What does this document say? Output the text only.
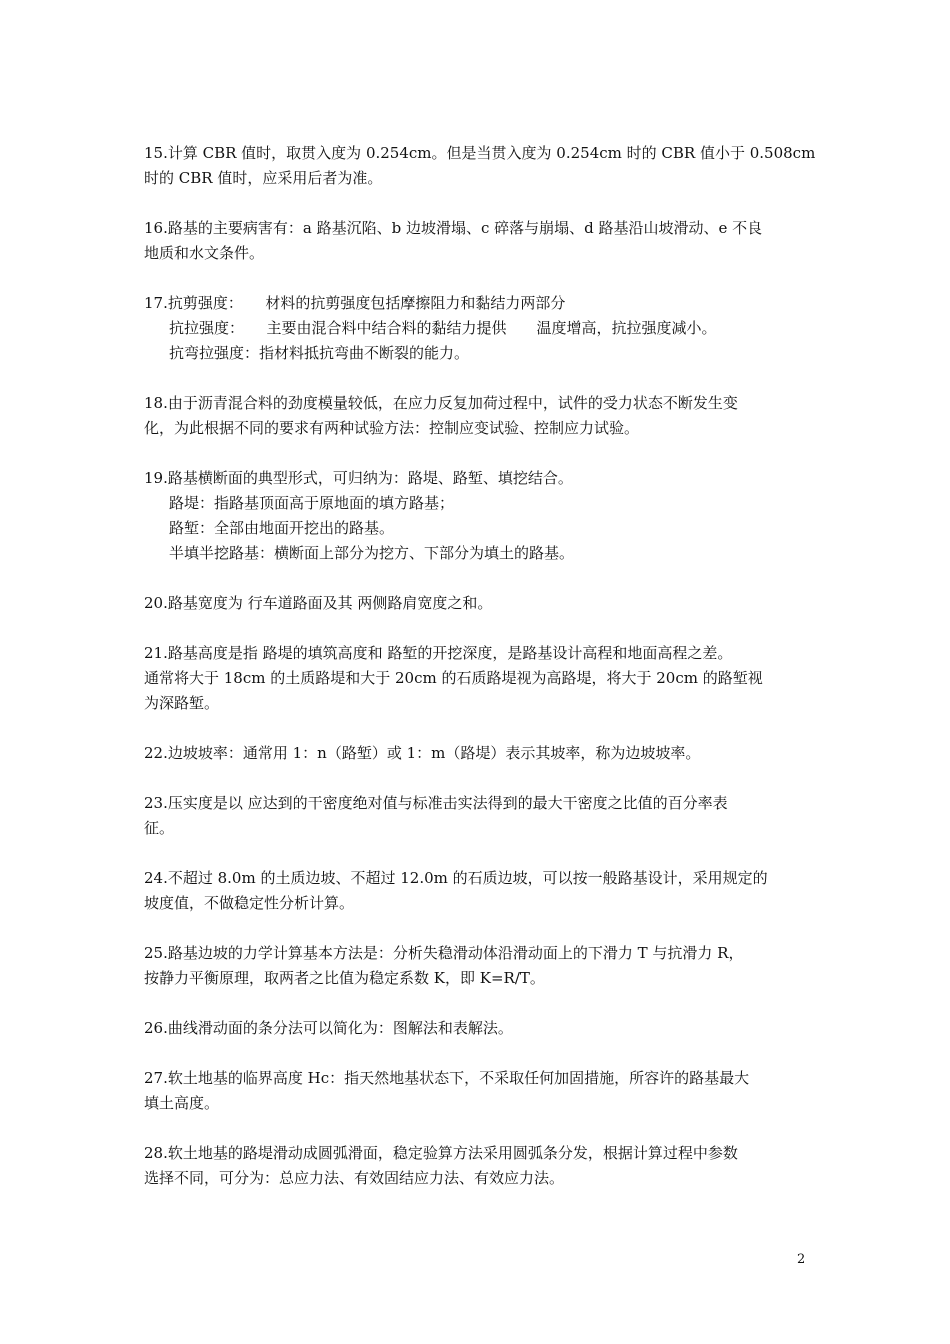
15.计算 CBR 值时，取贯入度为 0.254cm。但是当贯入度为 0.254cm 时的 CBR 值小于 0.508cm
时的 CBR 值时，应采用后者为准。
16.路基的主要病害有：a 路基沉陷、b 边坡滑塌、c 碎落与崩塌、d 路基沿山坡滑动、e 不良
地质和水文条件。
17.抗剪强度：　　材料的抗剪强度包括摩擦阻力和黏结力两部分
抗拉强度：　　主要由混合料中结合料的黏结力提供　　温度增高，抗拉强度减小。
抗弯拉强度：指材料抵抗弯曲不断裂的能力。
18.由于沥青混合料的劲度模量较低，在应力反复加荷过程中，试件的受力状态不断发生变
化，为此根据不同的要求有两种试验方法：控制应变试验、控制应力试验。
19.路基横断面的典型形式，可归纳为：路堤、路堑、填挖结合。
路堤：指路基顶面高于原地面的填方路基；
路堑：全部由地面开挖出的路基。
半填半挖路基：横断面上部分为挖方、下部分为填土的路基。
20.路基宽度为 行车道路面及其 两侧路肩宽度之和。
21.路基高度是指 路堤的填筑高度和 路堑的开挖深度，是路基设计高程和地面高程之差。
通常将大于 18cm 的土质路堤和大于 20cm 的石质路堤视为高路堤，将大于 20cm 的路堑视
为深路堑。
22.边坡坡率：通常用 1：n（路堑）或 1：m（路堤）表示其坡率，称为边坡坡率。
23.压实度是以 应达到的干密度绝对值与标准击实法得到的最大干密度之比值的百分率表
征。
24.不超过 8.0m 的土质边坡、不超过 12.0m 的石质边坡，可以按一般路基设计，采用规定的
坡度值，不做稳定性分析计算。
25.路基边坡的力学计算基本方法是：分析失稳滑动体沿滑动面上的下滑力 T 与抗滑力 R，
按静力平衡原理，取两者之比值为稳定系数 K，即 K=R/T。
26.曲线滑动面的条分法可以简化为：图解法和表解法。
27.软土地基的临界高度 Hc：指天然地基状态下，不采取任何加固措施，所容许的路基最大
填土高度。
28.软土地基的路堤滑动成圆弧滑面，稳定验算方法采用圆弧条分发，根据计算过程中参数
选择不同，可分为：总应力法、有效固结应力法、有效应力法。
2
